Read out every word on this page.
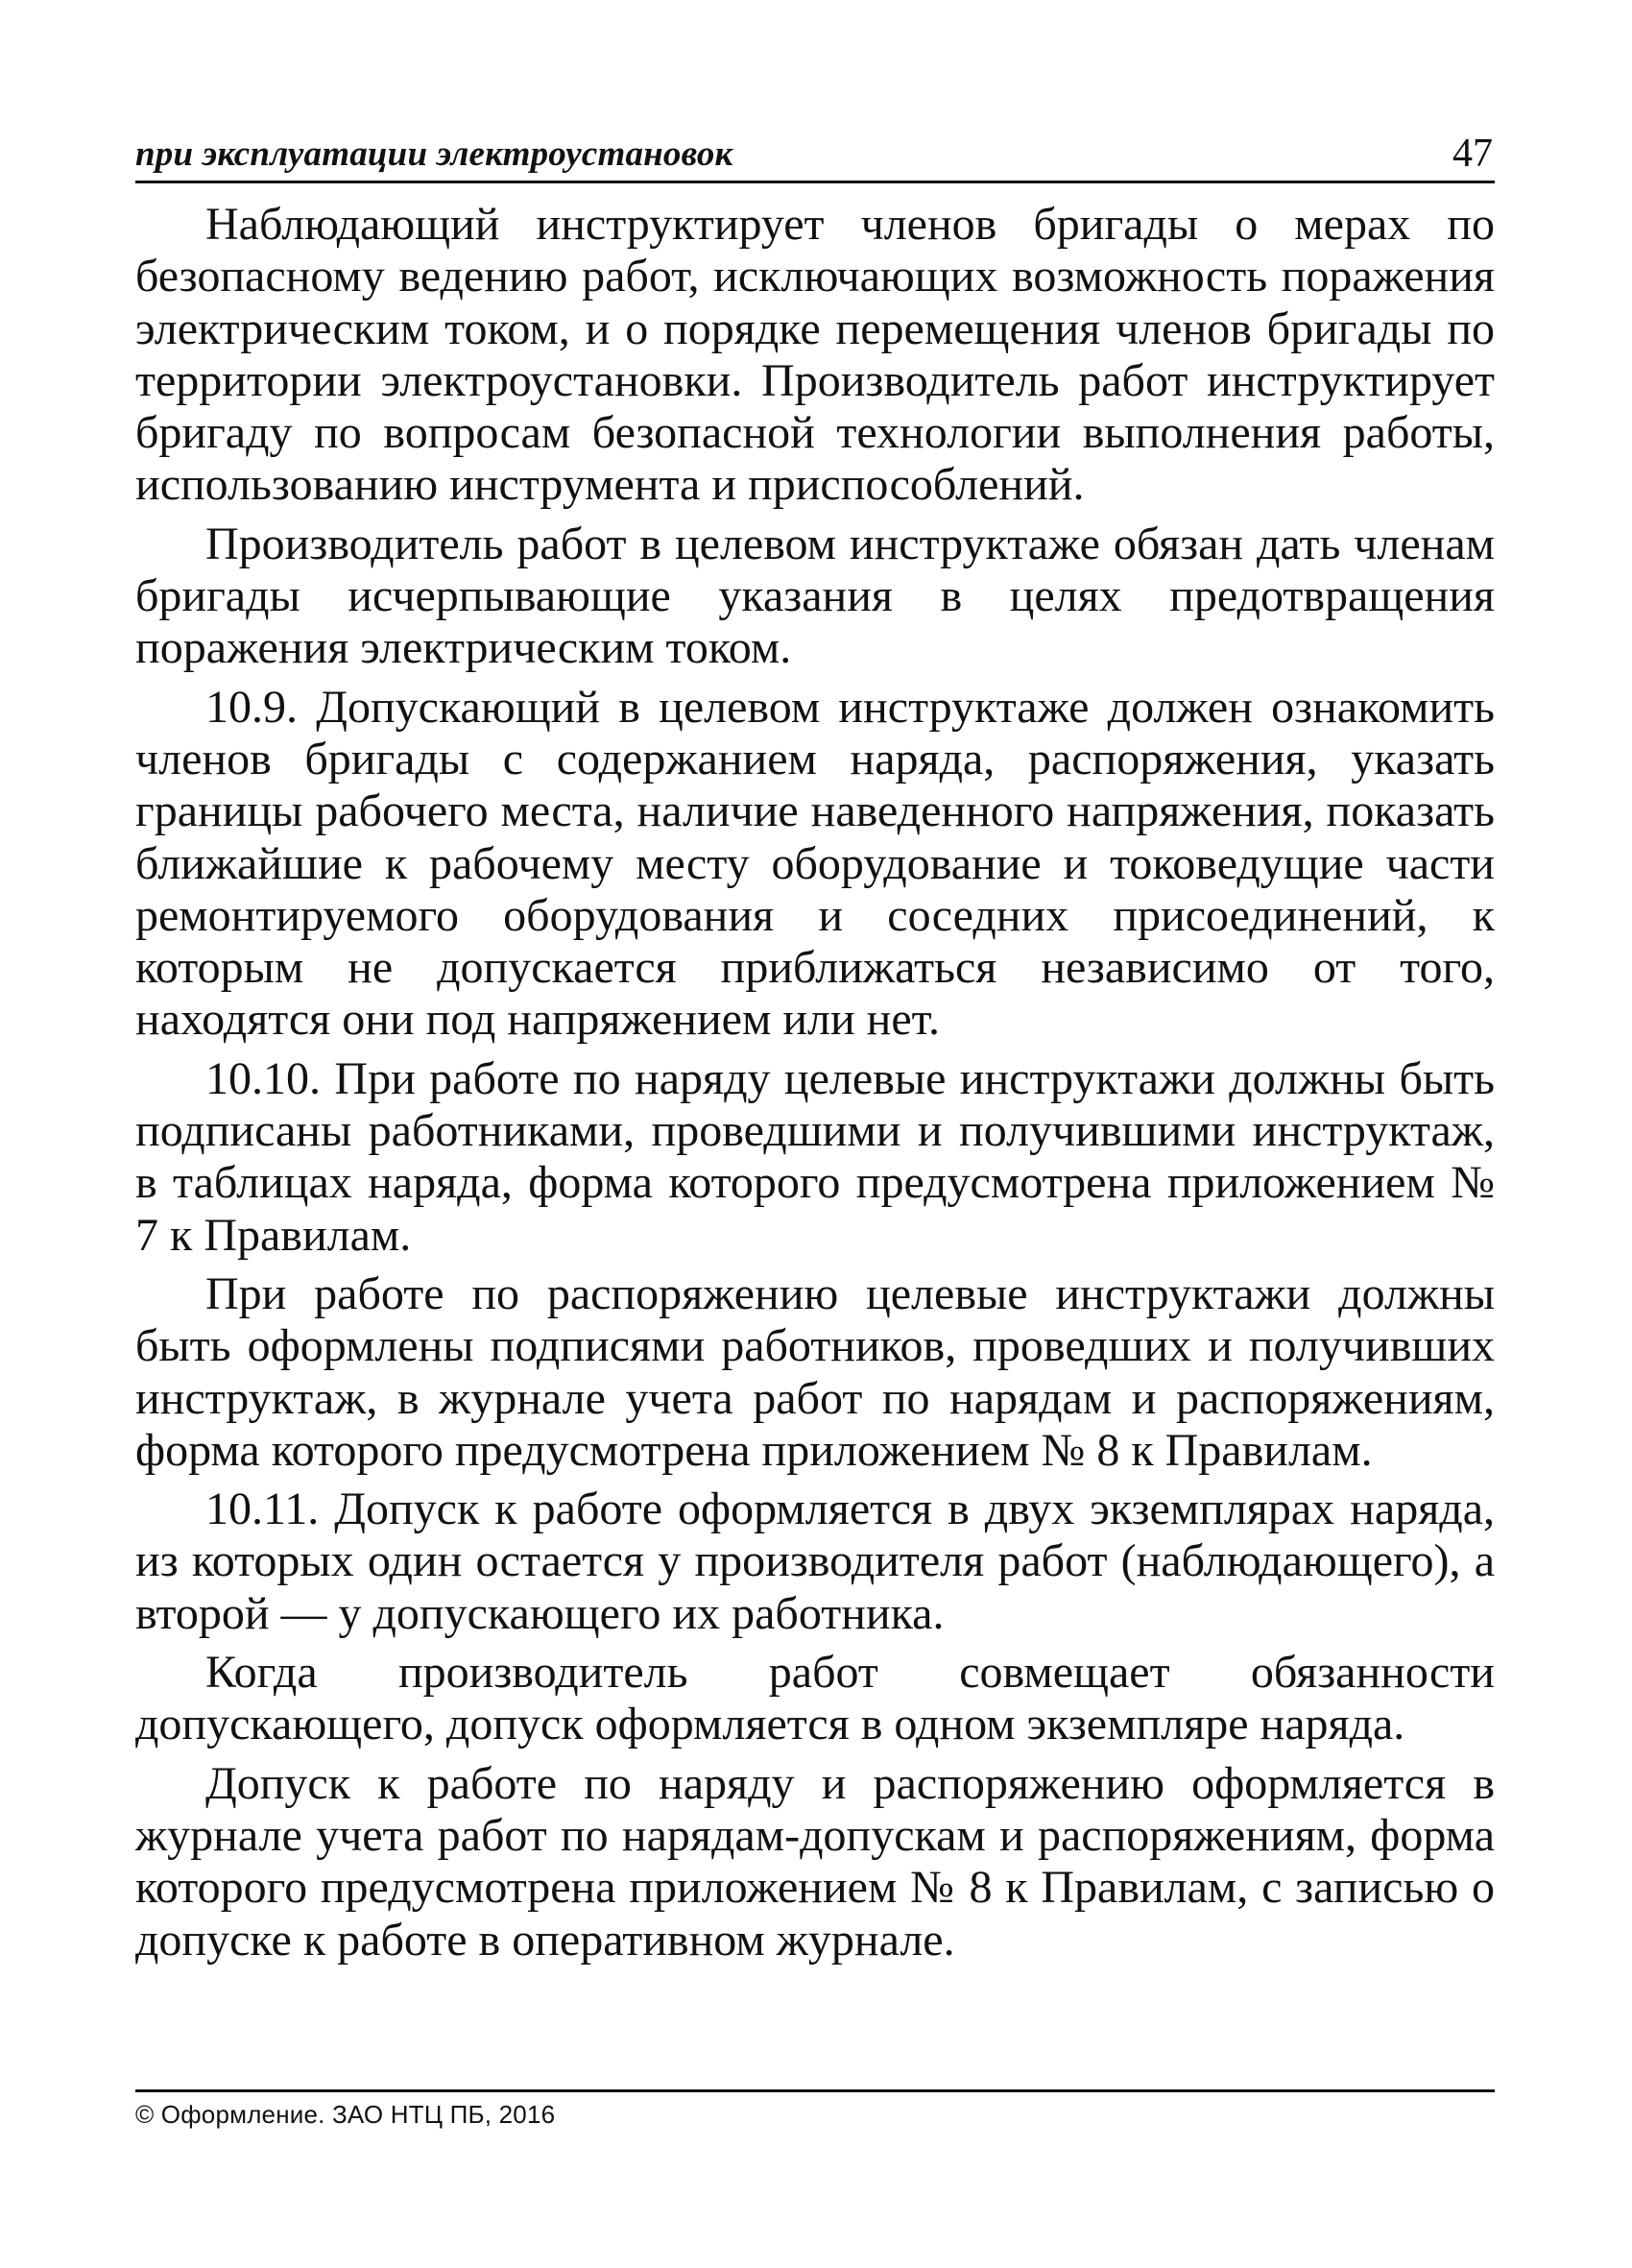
при эксплуатации электроустановок	47

Наблюдающий инструктирует членов бригады о мерах по безопасному ведению работ, исключающих возможность поражения электрическим током, и о порядке перемещения членов бригады по территории электроустановки. Производитель работ инструктирует бригаду по вопросам безопасной технологии выполнения работы, использованию инструмента и приспособлений.

Производитель работ в целевом инструктаже обязан дать членам бригады исчерпывающие указания в целях предотвращения поражения электрическим током.

10.9. Допускающий в целевом инструктаже должен ознакомить членов бригады с содержанием наряда, распоряжения, указать границы рабочего места, наличие наведенного напряжения, показать ближайшие к рабочему месту оборудование и токоведущие части ремонтируемого оборудования и соседних присоединений, к которым не допускается приближаться независимо от того, находятся они под напряжением или нет.

10.10. При работе по наряду целевые инструктажи должны быть подписаны работниками, проведшими и получившими инструктаж, в таблицах наряда, форма которого предусмотрена приложением № 7 к Правилам.

При работе по распоряжению целевые инструктажи должны быть оформлены подписями работников, проведших и получивших инструктаж, в журнале учета работ по нарядам и распоряжениям, форма которого предусмотрена приложением № 8 к Правилам.

10.11. Допуск к работе оформляется в двух экземплярах наряда, из которых один остается у производителя работ (наблюдающего), а второй — у допускающего их работника.

Когда производитель работ совмещает обязанности допускающего, допуск оформляется в одном экземпляре наряда.

Допуск к работе по наряду и распоряжению оформляется в журнале учета работ по нарядам-допускам и распоряжениям, форма которого предусмотрена приложением № 8 к Правилам, с записью о допуске к работе в оперативном журнале.

© Оформление. ЗАО НТЦ ПБ, 2016
